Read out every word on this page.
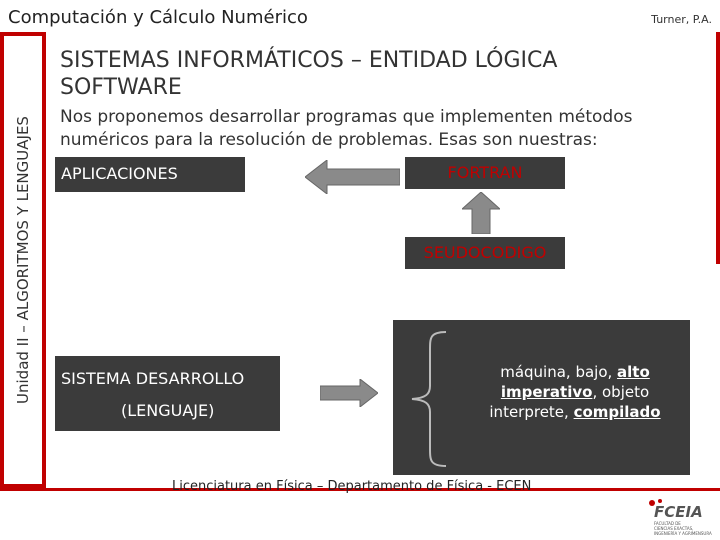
Computación y Cálculo Numérico	Turner, P.A.
Unidad II – ALGORITMOS Y LENGUAJES
SISTEMAS INFORMÁTICOS – ENTIDAD LÓGICA
SOFTWARE
Nos proponemos desarrollar programas que implementen métodos
numéricos para la resolución de problemas. Esas son nuestras:
APLICACIONES	FORTRAN
SEUDOCODIGO
SISTEMA DESARROLLO
(LENGUAJE)
máquina, bajo, alto
imperativo, objeto
interprete, compilado
Licenciatura en Física – Departamento de Física - ECEN
FCEIA
FACULTAD DE
CIENCIAS EXACTAS,
INGENIERÍA Y AGRIMENSURA
